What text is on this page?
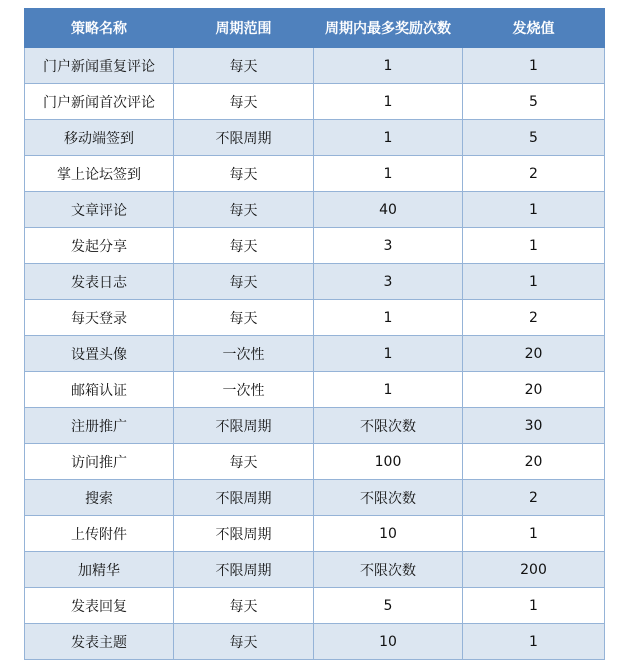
策略名称	周期范围	周期内最多奖励次数	发烧值
门户新闻重复评论	每天	1	1
门户新闻首次评论	每天	1	5
移动端签到	不限周期	1	5
掌上论坛签到	每天	1	2
文章评论	每天	40	1
发起分享	每天	3	1
发表日志	每天	3	1
每天登录	每天	1	2
设置头像	一次性	1	20
邮箱认证	一次性	1	20
注册推广	不限周期	不限次数	30
访问推广	每天	100	20
搜索	不限周期	不限次数	2
上传附件	不限周期	10	1
加精华	不限周期	不限次数	200
发表回复	每天	5	1
发表主题	每天	10	1
